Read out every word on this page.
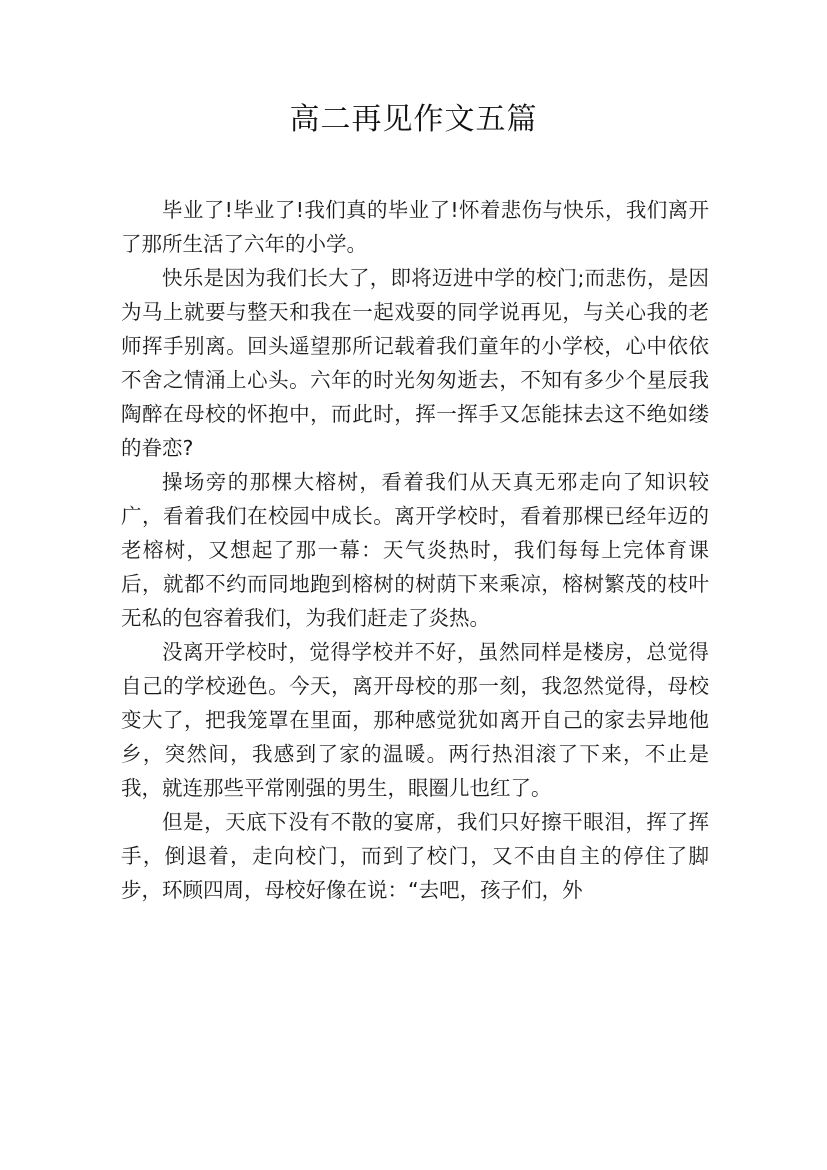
高二再见作文五篇

毕业了!毕业了!我们真的毕业了!怀着悲伤与快乐，我们离开了那所生活了六年的小学。

快乐是因为我们长大了，即将迈进中学的校门;而悲伤，是因为马上就要与整天和我在一起戏耍的同学说再见，与关心我的老师挥手别离。回头遥望那所记载着我们童年的小学校，心中依依不舍之情涌上心头。六年的时光匆匆逝去，不知有多少个星辰我陶醉在母校的怀抱中，而此时，挥一挥手又怎能抹去这不绝如缕的眷恋?

操场旁的那棵大榕树，看着我们从天真无邪走向了知识较广，看着我们在校园中成长。离开学校时，看着那棵已经年迈的老榕树，又想起了那一幕：天气炎热时，我们每每上完体育课后，就都不约而同地跑到榕树的树荫下来乘凉，榕树繁茂的枝叶无私的包容着我们，为我们赶走了炎热。

没离开学校时，觉得学校并不好，虽然同样是楼房，总觉得自己的学校逊色。今天，离开母校的那一刻，我忽然觉得，母校变大了，把我笼罩在里面，那种感觉犹如离开自己的家去异地他乡，突然间，我感到了家的温暖。两行热泪滚了下来，不止是我，就连那些平常刚强的男生，眼圈儿也红了。

但是，天底下没有不散的宴席，我们只好擦干眼泪，挥了挥手，倒退着，走向校门，而到了校门，又不由自主的停住了脚步，环顾四周，母校好像在说：“去吧，孩子们，外
